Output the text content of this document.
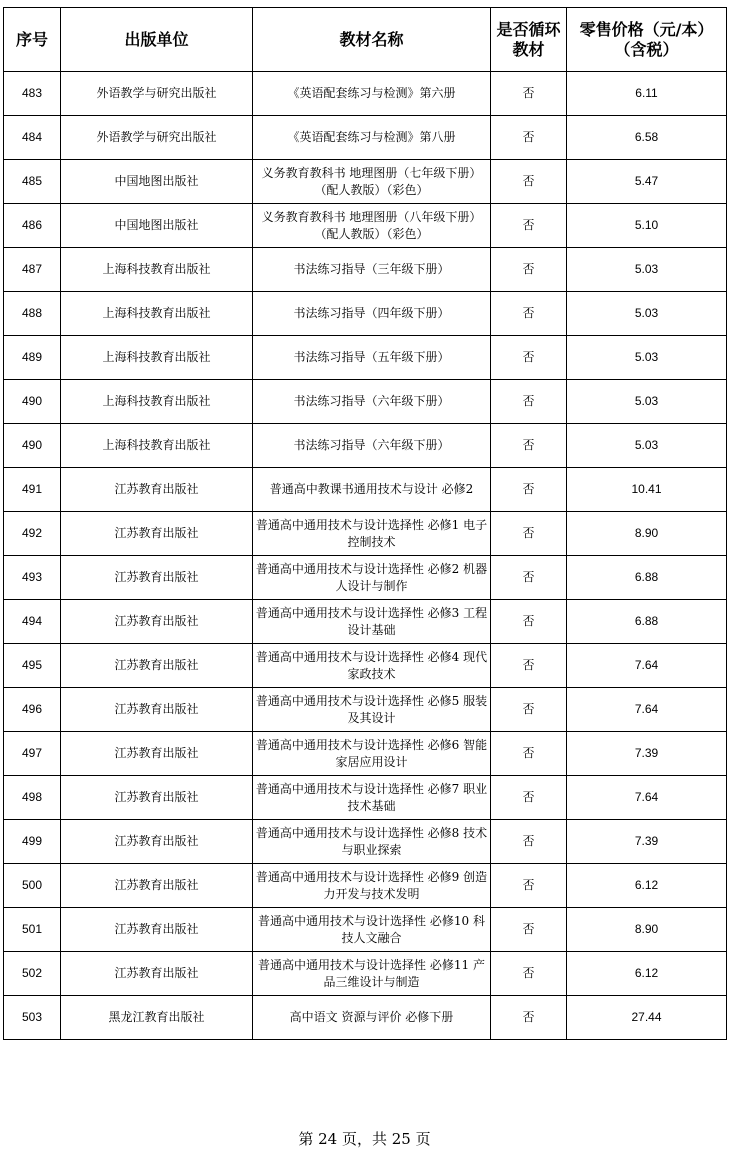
序号	出版单位	教材名称	是否循环教材	零售价格（元/本）（含税）
483	外语教学与研究出版社	《英语配套练习与检测》第六册	否	6.11
484	外语教学与研究出版社	《英语配套练习与检测》第八册	否	6.58
485	中国地图出版社	义务教育教科书 地理图册（七年级下册）（配人教版）（彩色）	否	5.47
486	中国地图出版社	义务教育教科书 地理图册（八年级下册）（配人教版）（彩色）	否	5.10
487	上海科技教育出版社	书法练习指导（三年级下册）	否	5.03
488	上海科技教育出版社	书法练习指导（四年级下册）	否	5.03
489	上海科技教育出版社	书法练习指导（五年级下册）	否	5.03
490	上海科技教育出版社	书法练习指导（六年级下册）	否	5.03
490	上海科技教育出版社	书法练习指导（六年级下册）	否	5.03
491	江苏教育出版社	普通高中教课书通用技术与设计 必修2	否	10.41
492	江苏教育出版社	普通高中通用技术与设计选择性 必修1 电子控制技术	否	8.90
493	江苏教育出版社	普通高中通用技术与设计选择性 必修2 机器人设计与制作	否	6.88
494	江苏教育出版社	普通高中通用技术与设计选择性 必修3 工程设计基础	否	6.88
495	江苏教育出版社	普通高中通用技术与设计选择性 必修4 现代家政技术	否	7.64
496	江苏教育出版社	普通高中通用技术与设计选择性 必修5 服装及其设计	否	7.64
497	江苏教育出版社	普通高中通用技术与设计选择性 必修6 智能家居应用设计	否	7.39
498	江苏教育出版社	普通高中通用技术与设计选择性 必修7 职业技术基础	否	7.64
499	江苏教育出版社	普通高中通用技术与设计选择性 必修8 技术与职业探索	否	7.39
500	江苏教育出版社	普通高中通用技术与设计选择性 必修9 创造力开发与技术发明	否	6.12
501	江苏教育出版社	普通高中通用技术与设计选择性 必修10 科技人文融合	否	8.90
502	江苏教育出版社	普通高中通用技术与设计选择性 必修11 产品三维设计与制造	否	6.12
503	黑龙江教育出版社	高中语文 资源与评价 必修下册	否	27.44
第 24 页，共 25 页
